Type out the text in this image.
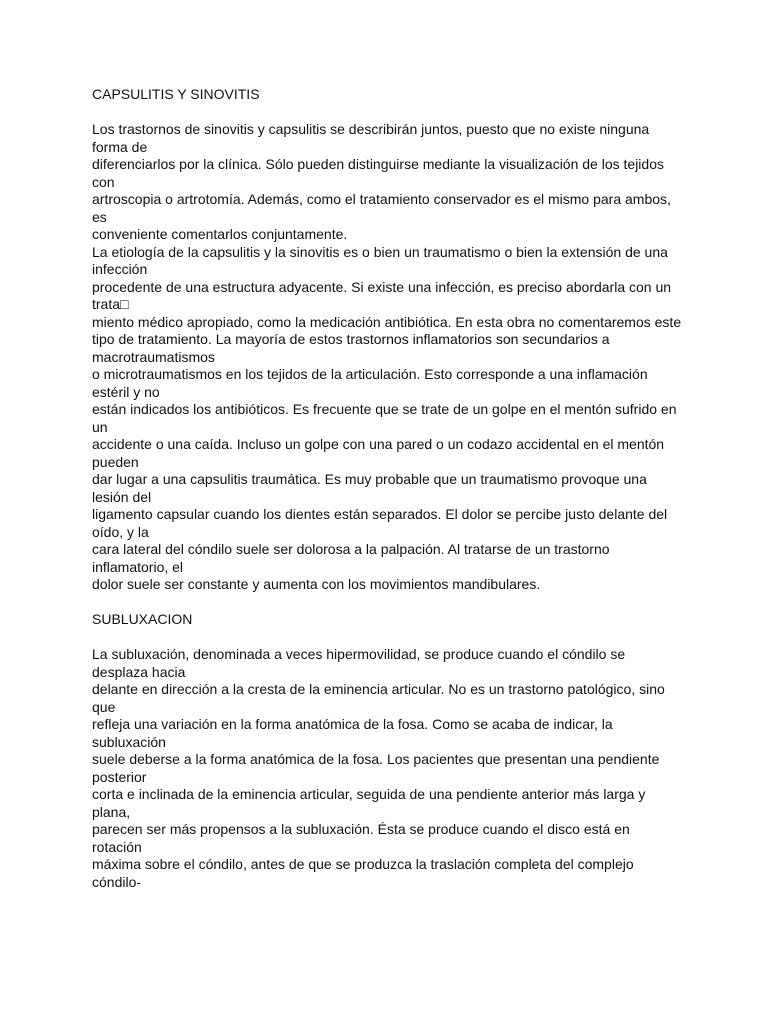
CAPSULITIS Y SINOVITIS

Los trastornos de sinovitis y capsulitis se describirán juntos, puesto que no existe ninguna forma de

diferenciarlos por la clínica. Sólo pueden distinguirse mediante la visualización de los tejidos con

artroscopia o artrotomía. Además, como el tratamiento conservador es el mismo para ambos, es

conveniente comentarlos conjuntamente.

La etiología de la capsulitis y la sinovitis es o bien un traumatismo o bien la extensión de una infección

procedente de una estructura adyacente. Si existe una infección, es preciso abordarla con un

trata□

miento médico apropiado, como la medicación antibiótica. En esta obra no comentaremos este

tipo de tratamiento. La mayoría de estos trastornos inflamatorios son secundarios a macrotraumatismos

o microtraumatismos en los tejidos de la articulación. Esto corresponde a una inflamación estéril y no

están indicados los antibióticos. Es frecuente que se trate de un golpe en el mentón sufrido en un

accidente o una caída. Incluso un golpe con una pared o un codazo accidental en el mentón pueden

dar lugar a una capsulitis traumática. Es muy probable que un traumatismo provoque una lesión del

ligamento capsular cuando los dientes están separados. El dolor se percibe justo delante del oído, y la

cara lateral del cóndilo suele ser dolorosa a la palpación. Al tratarse de un trastorno inflamatorio, el

dolor suele ser constante y aumenta con los movimientos mandibulares.

SUBLUXACION

La subluxación, denominada a veces hipermovilidad, se produce cuando el cóndilo se desplaza hacia

delante en dirección a la cresta de la eminencia articular. No es un trastorno patológico, sino que

refleja una variación en la forma anatómica de la fosa. Como se acaba de indicar, la subluxación

suele deberse a la forma anatómica de la fosa. Los pacientes que presentan una pendiente posterior

corta e inclinada de la eminencia articular, seguida de una pendiente anterior más larga y plana,

parecen ser más propensos a la subluxación. Ésta se produce cuando el disco está en rotación

máxima sobre el cóndilo, antes de que se produzca la traslación completa del complejo cóndilo-
